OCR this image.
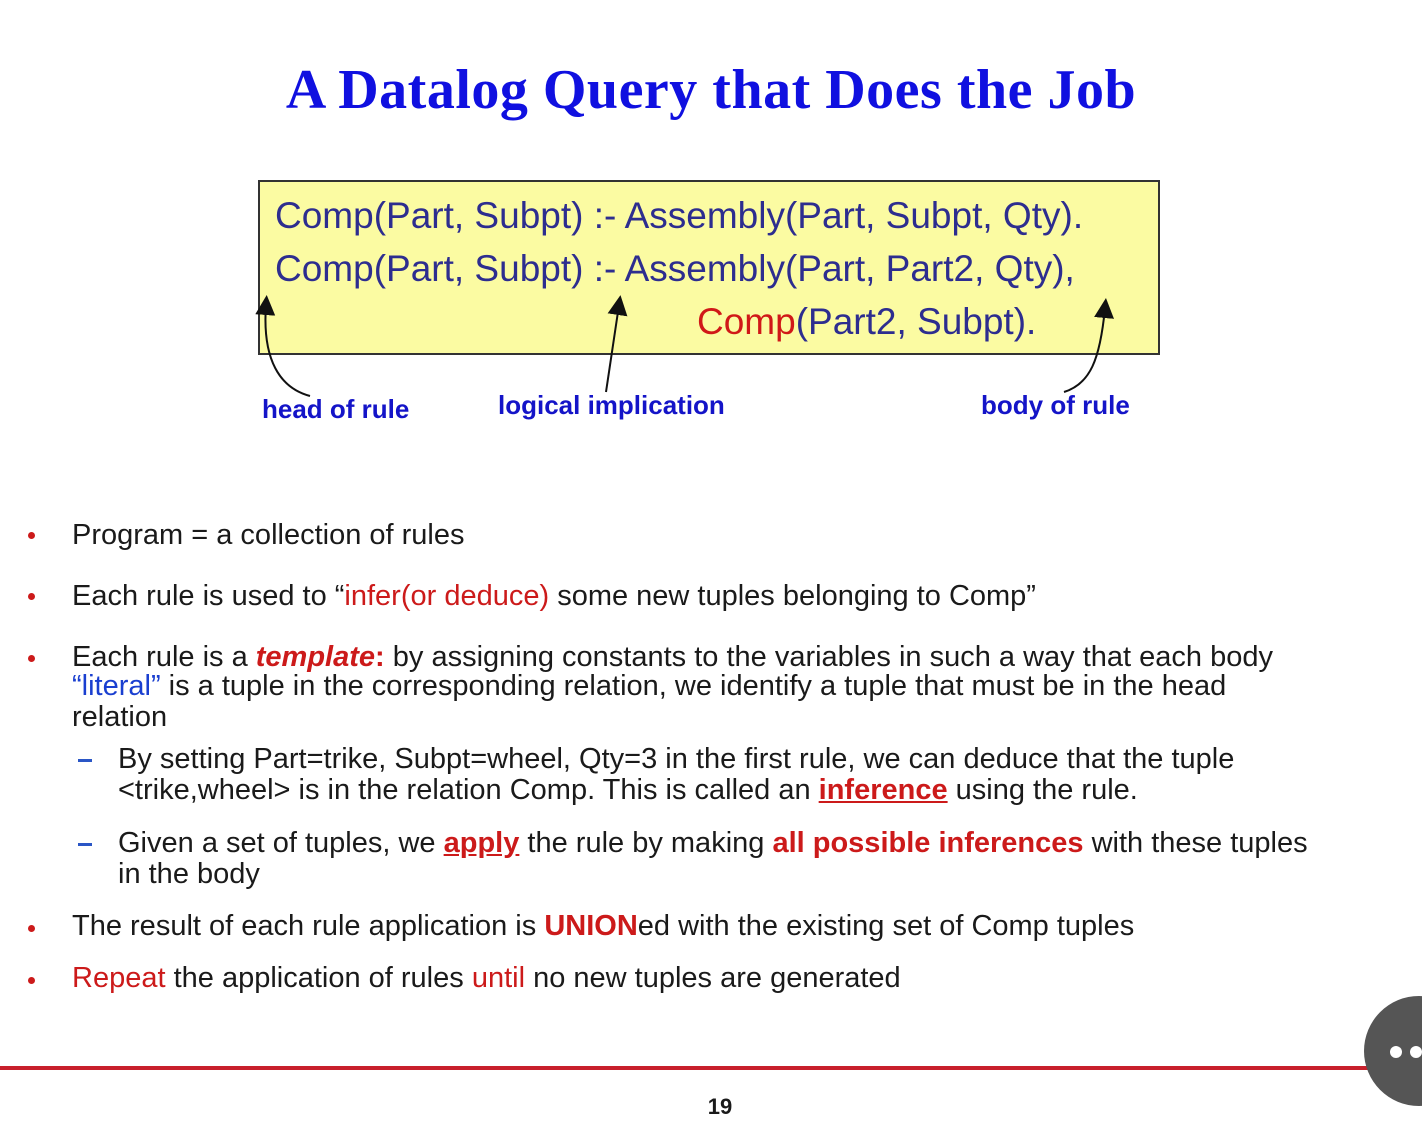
A Datalog Query that Does the Job
Comp(Part, Subpt) :- Assembly(Part, Subpt, Qty).
Comp(Part, Subpt) :- Assembly(Part, Part2, Qty),
Comp(Part2, Subpt).
head of rule	logical implication	body of rule
Program = a collection of rules
Each rule is used to “infer(or deduce) some new tuples belonging to Comp”
Each rule is a template: by assigning constants to the variables in such a way that each body
“literal” is a tuple in the corresponding relation, we identify a tuple that must be in the head
relation
By setting Part=trike, Subpt=wheel, Qty=3 in the first rule, we can deduce that the tuple
<trike,wheel> is in the relation Comp. This is called an inference using the rule.
Given a set of tuples, we apply the rule by making all possible inferences with these tuples
in the body
The result of each rule application is UNIONed with the existing set of Comp tuples
Repeat the application of rules until no new tuples are generated
19
